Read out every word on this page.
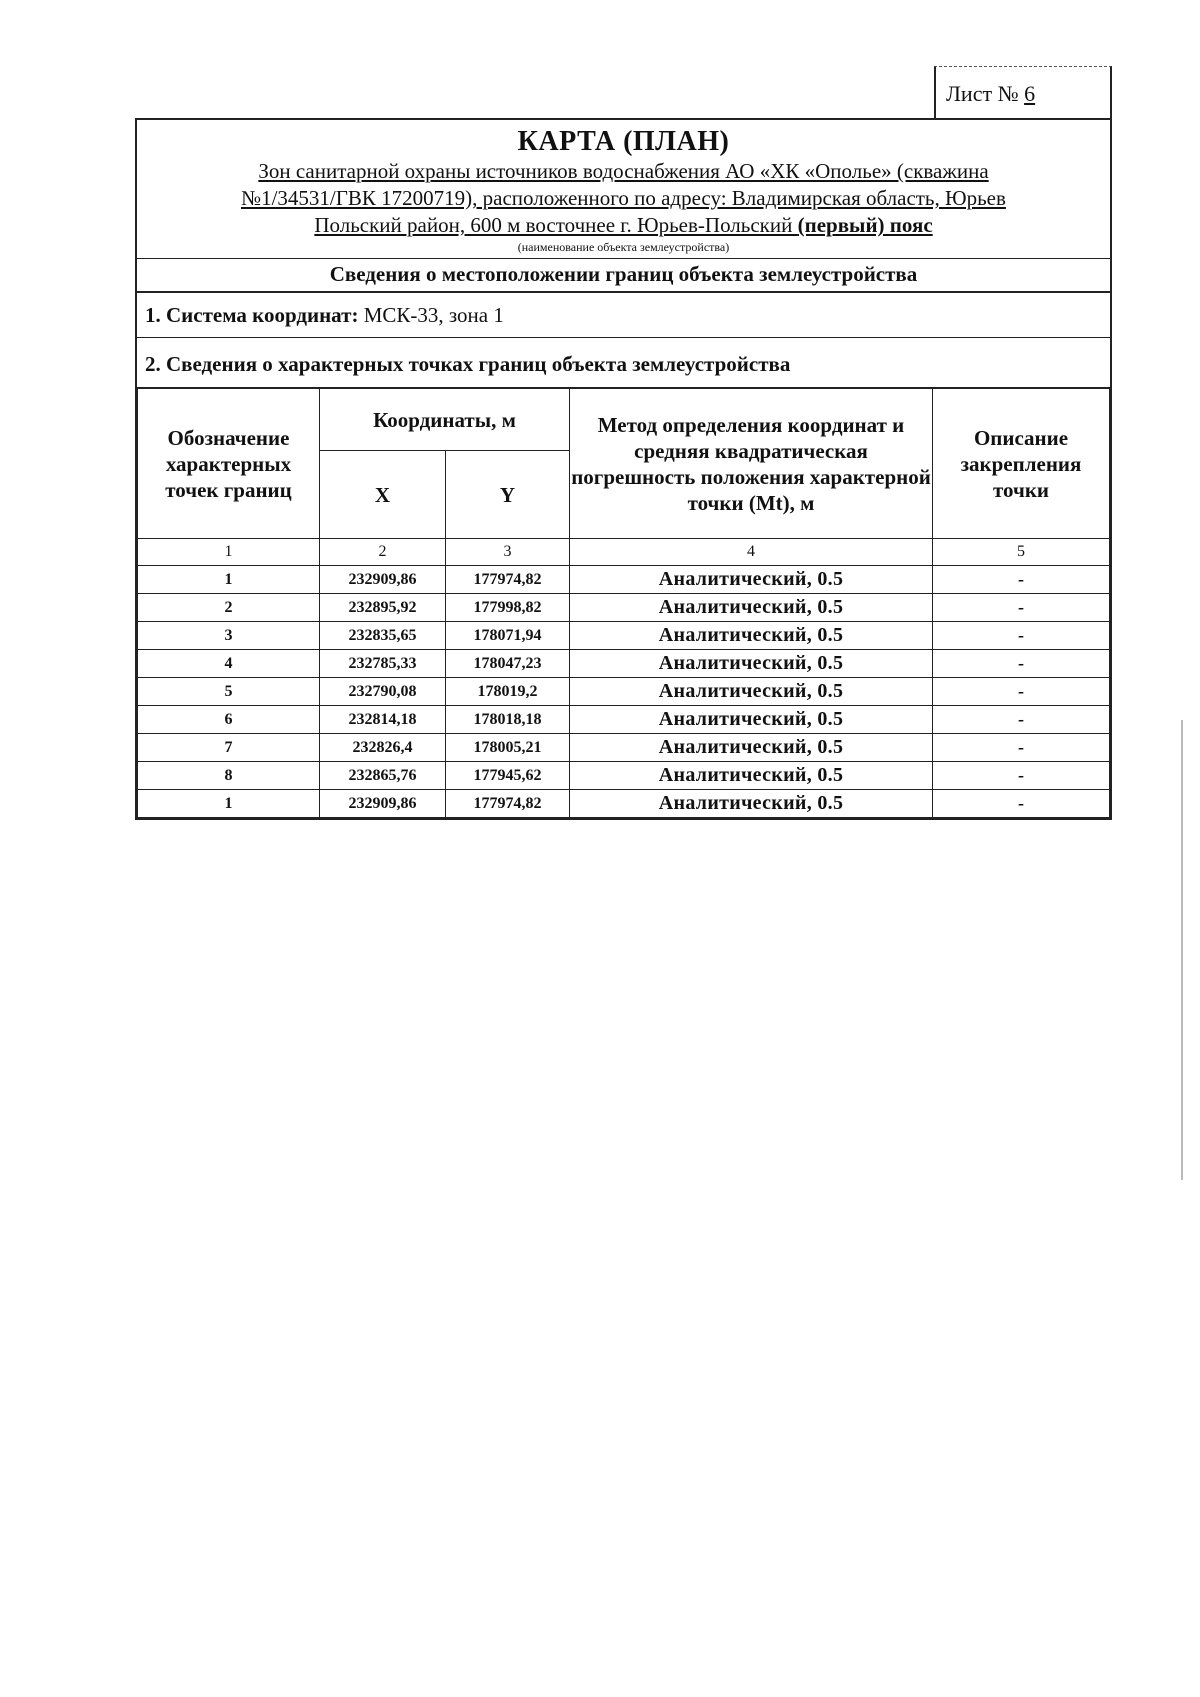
Лист № 6
КАРТА (ПЛАН)
Зон санитарной охраны источников водоснабжения АО «ХК «Ополье» (скважина
№1/34531/ГВК 17200719), расположенного по адресу: Владимирская область, Юрьев
Польский район, 600 м восточнее г. Юрьев-Польский (первый) пояс
(наименование объекта землеустройства)
Сведения о местоположении границ объекта землеустройства
1. Система координат: МСК-33, зона 1
2. Сведения о характерных точках границ объекта землеустройства
Обозначение характерных точек границ	Координаты, м		Метод определения координат и средняя квадратическая погрешность положения характерной точки (Mt), м	Описание закрепления точки
	X	Y		
1	2	3	4	5
1	232909,86	177974,82	Аналитический, 0.5	-
2	232895,92	177998,82	Аналитический, 0.5	-
3	232835,65	178071,94	Аналитический, 0.5	-
4	232785,33	178047,23	Аналитический, 0.5	-
5	232790,08	178019,2	Аналитический, 0.5	-
6	232814,18	178018,18	Аналитический, 0.5	-
7	232826,4	178005,21	Аналитический, 0.5	-
8	232865,76	177945,62	Аналитический, 0.5	-
1	232909,86	177974,82	Аналитический, 0.5	-
